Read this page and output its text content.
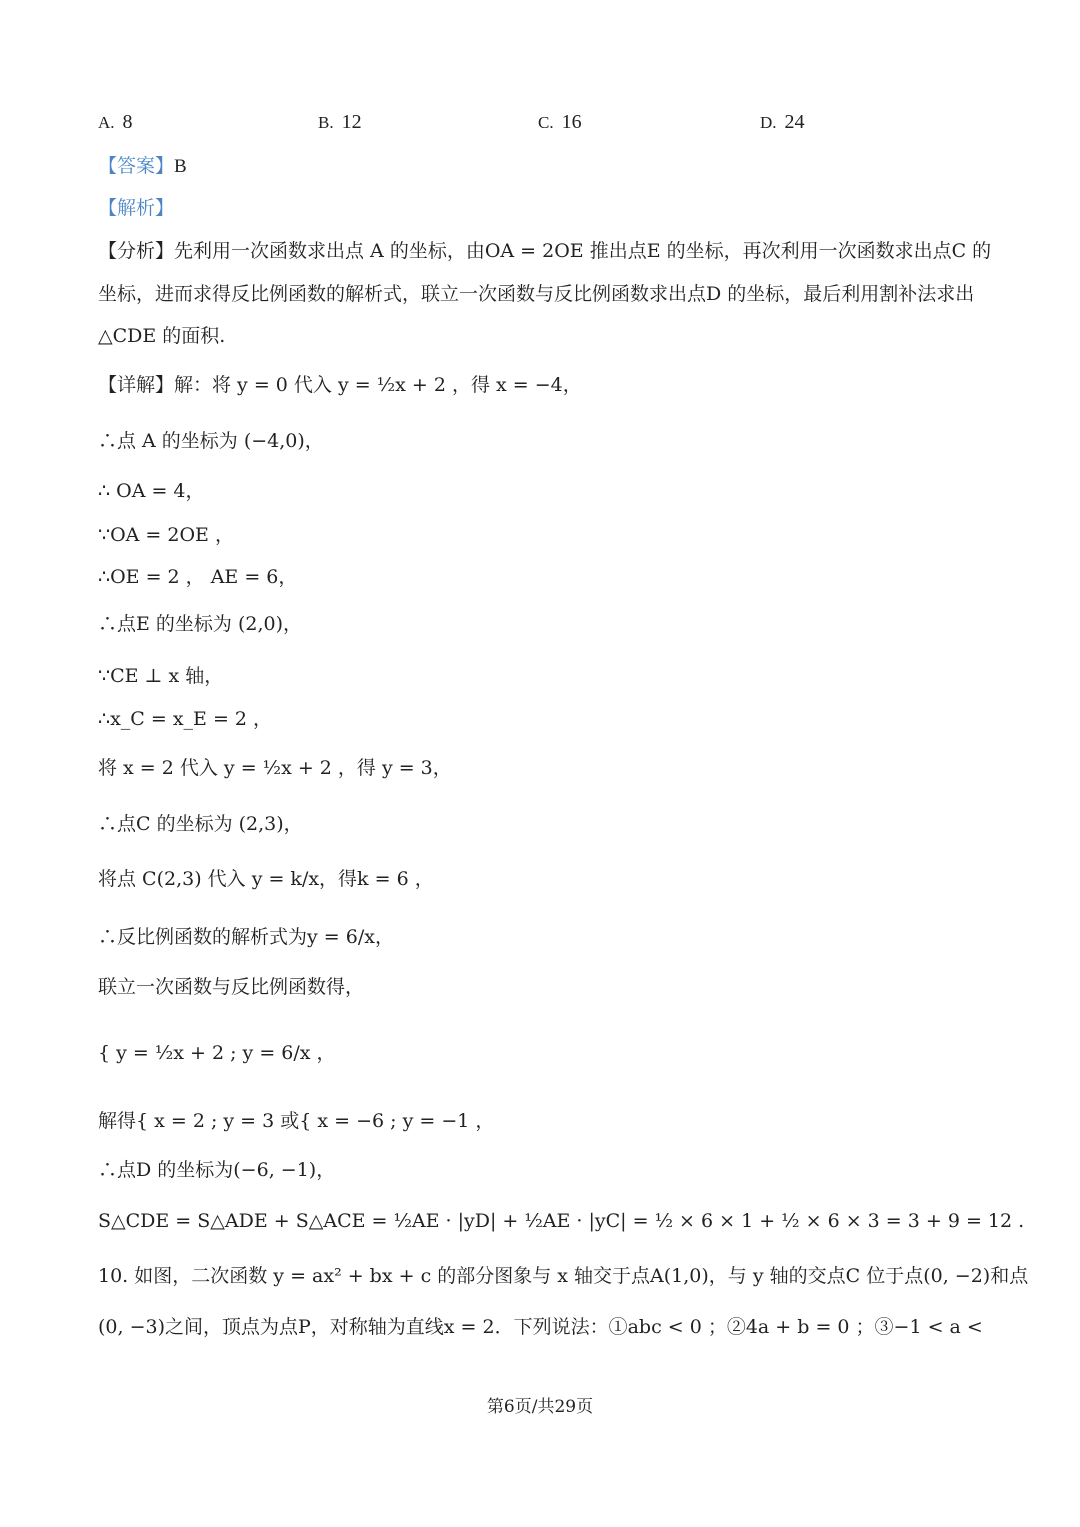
A. 8	B. 12	C. 16	D. 24
【答案】B
【解析】
【分析】先利用一次函数求出点 A 的坐标，由OA = 2OE 推出点E 的坐标，再次利用一次函数求出点C 的
坐标，进而求得反比例函数的解析式，联立一次函数与反比例函数求出点D 的坐标，最后利用割补法求出
△CDE 的面积.
【详解】解：将 y = 0 代入 y = ½x + 2 ，得 x = −4，
∴点 A 的坐标为 (−4,0)，
∴ OA = 4，
∵OA = 2OE ，
∴OE = 2 ， AE = 6，
∴点E 的坐标为 (2,0)，
∵CE ⊥ x 轴，
∴x_C = x_E = 2 ，
将 x = 2 代入 y = ½x + 2 ，得 y = 3，
∴点C 的坐标为 (2,3)，
将点 C(2,3) 代入 y = k/x，得k = 6 ，
∴反比例函数的解析式为y = 6/x，
联立一次函数与反比例函数得，
{ y = ½x + 2 ; y = 6/x ，
解得{ x = 2 ; y = 3 或{ x = −6 ; y = −1 ，
∴点D 的坐标为(−6, −1)，
S△CDE = S△ADE + S△ACE = ½AE · |yD| + ½AE · |yC| = ½ × 6 × 1 + ½ × 6 × 3 = 3 + 9 = 12 .
10. 如图，二次函数 y = ax² + bx + c 的部分图象与 x 轴交于点A(1,0)，与 y 轴的交点C 位于点(0, −2)和点
(0, −3)之间，顶点为点P，对称轴为直线x = 2．下列说法：①abc < 0 ；②4a + b = 0 ；③−1 < a <
第6页/共29页
